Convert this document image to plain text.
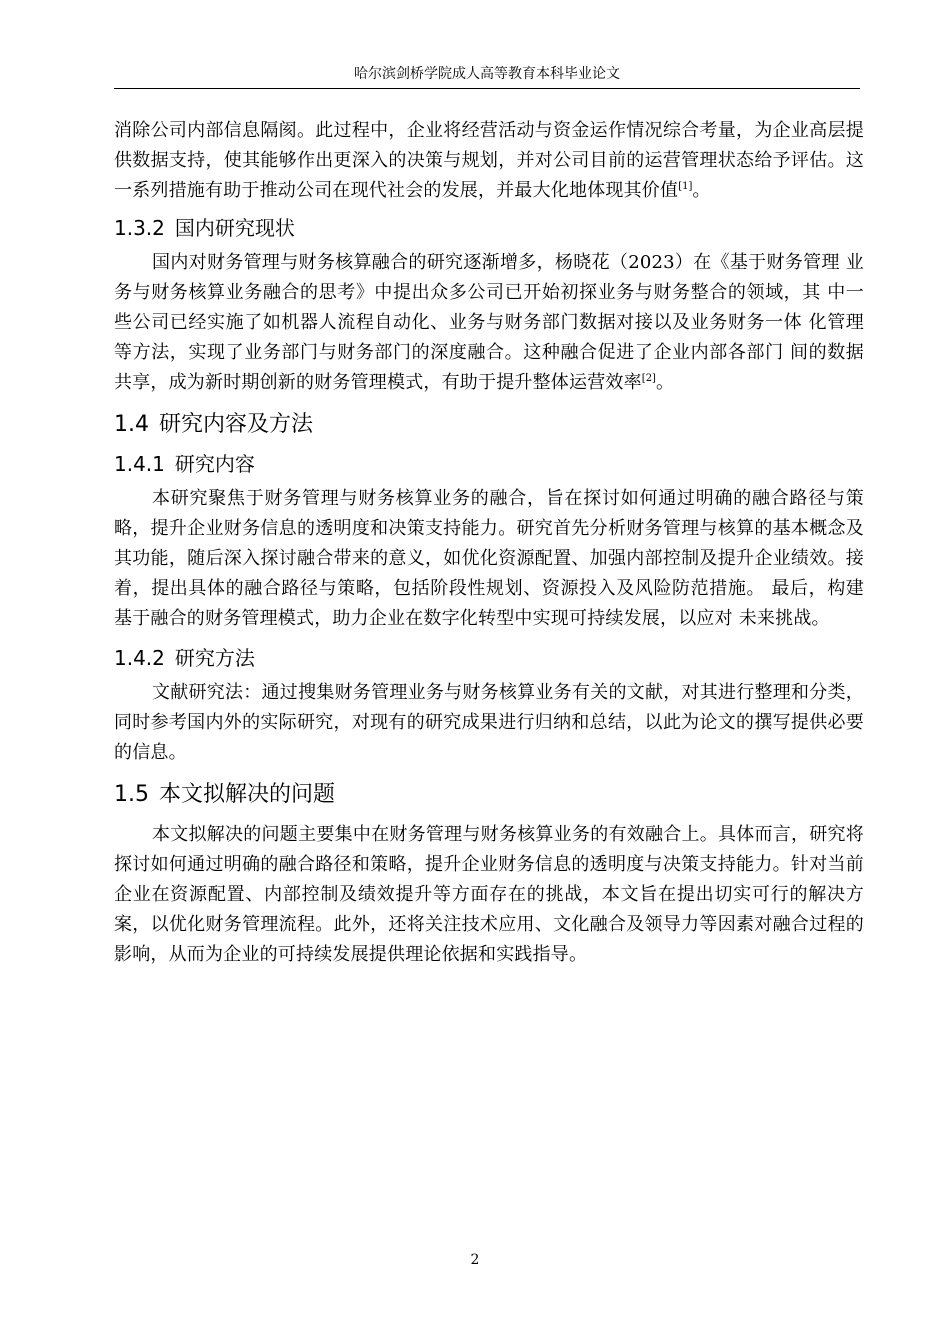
哈尔滨剑桥学院成人高等教育本科毕业论文

消除公司内部信息隔阂。此过程中，企业将经营活动与资金运作情况综合考量，为企业高层提供数据支持，使其能够作出更深入的决策与规划，并对公司目前的运营管理状态给予评估。这一系列措施有助于推动公司在现代社会的发展，并最大化地体现其价值[1]。

1.3.2 国内研究现状

国内对财务管理与财务核算融合的研究逐渐增多，杨晓花（2023）在《基于财务管理 业务与财务核算业务融合的思考》中提出众多公司已开始初探业务与财务整合的领域，其 中一些公司已经实施了如机器人流程自动化、业务与财务部门数据对接以及业务财务一体 化管理等方法，实现了业务部门与财务部门的深度融合。这种融合促进了企业内部各部门 间的数据共享，成为新时期创新的财务管理模式，有助于提升整体运营效率[2]。

1.4 研究内容及方法
1.4.1 研究内容

本研究聚焦于财务管理与财务核算业务的融合，旨在探讨如何通过明确的融合路径与策略，提升企业财务信息的透明度和决策支持能力。研究首先分析财务管理与核算的基本概念及其功能，随后深入探讨融合带来的意义，如优化资源配置、加强内部控制及提升企业绩效。接着，提出具体的融合路径与策略，包括阶段性规划、资源投入及风险防范措施。 最后，构建基于融合的财务管理模式，助力企业在数字化转型中实现可持续发展，以应对 未来挑战。

1.4.2 研究方法

文献研究法：通过搜集财务管理业务与财务核算业务有关的文献，对其进行整理和分类，同时参考国内外的实际研究，对现有的研究成果进行归纳和总结，以此为论文的撰写提供必要的信息。

1.5 本文拟解决的问题

本文拟解决的问题主要集中在财务管理与财务核算业务的有效融合上。具体而言，研究将探讨如何通过明确的融合路径和策略，提升企业财务信息的透明度与决策支持能力。针对当前企业在资源配置、内部控制及绩效提升等方面存在的挑战，本文旨在提出切实可行的解决方案，以优化财务管理流程。此外，还将关注技术应用、文化融合及领导力等因素对融合过程的影响，从而为企业的可持续发展提供理论依据和实践指导。

2
